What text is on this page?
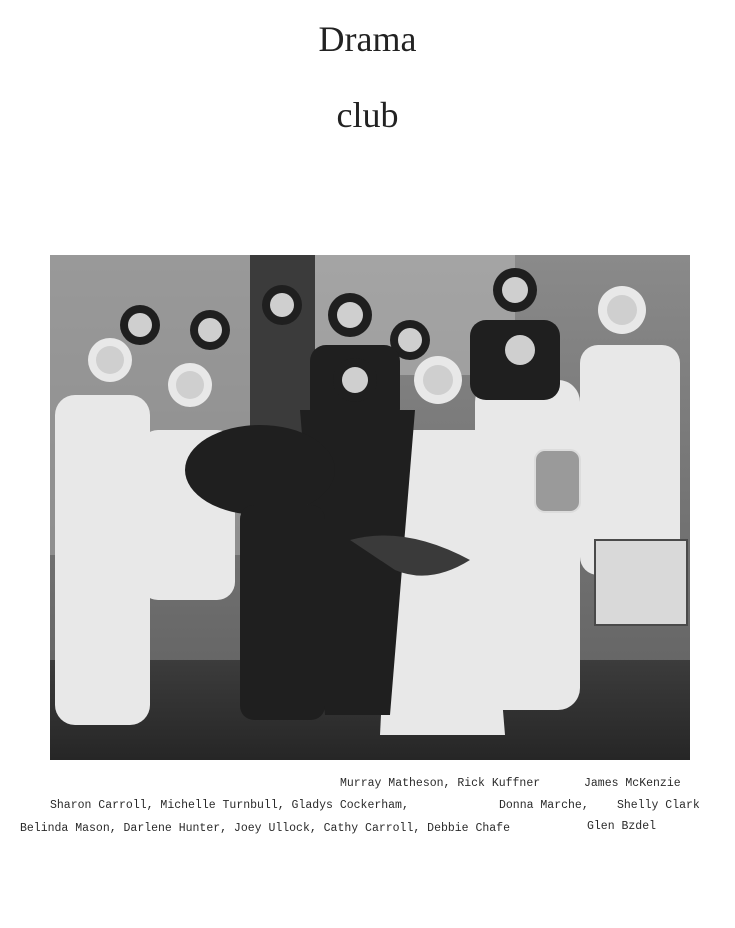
Drama
club
Murray Matheson, Rick Kuffner	James McKenzie
Sharon Carroll, Michelle Turnbull, Gladys Cockerham,	Donna Marche, Shelly Clark
Belinda Mason, Darlene Hunter, Joey Ullock, Cathy Carroll, Debbie Chafe	Glen Bzdel
